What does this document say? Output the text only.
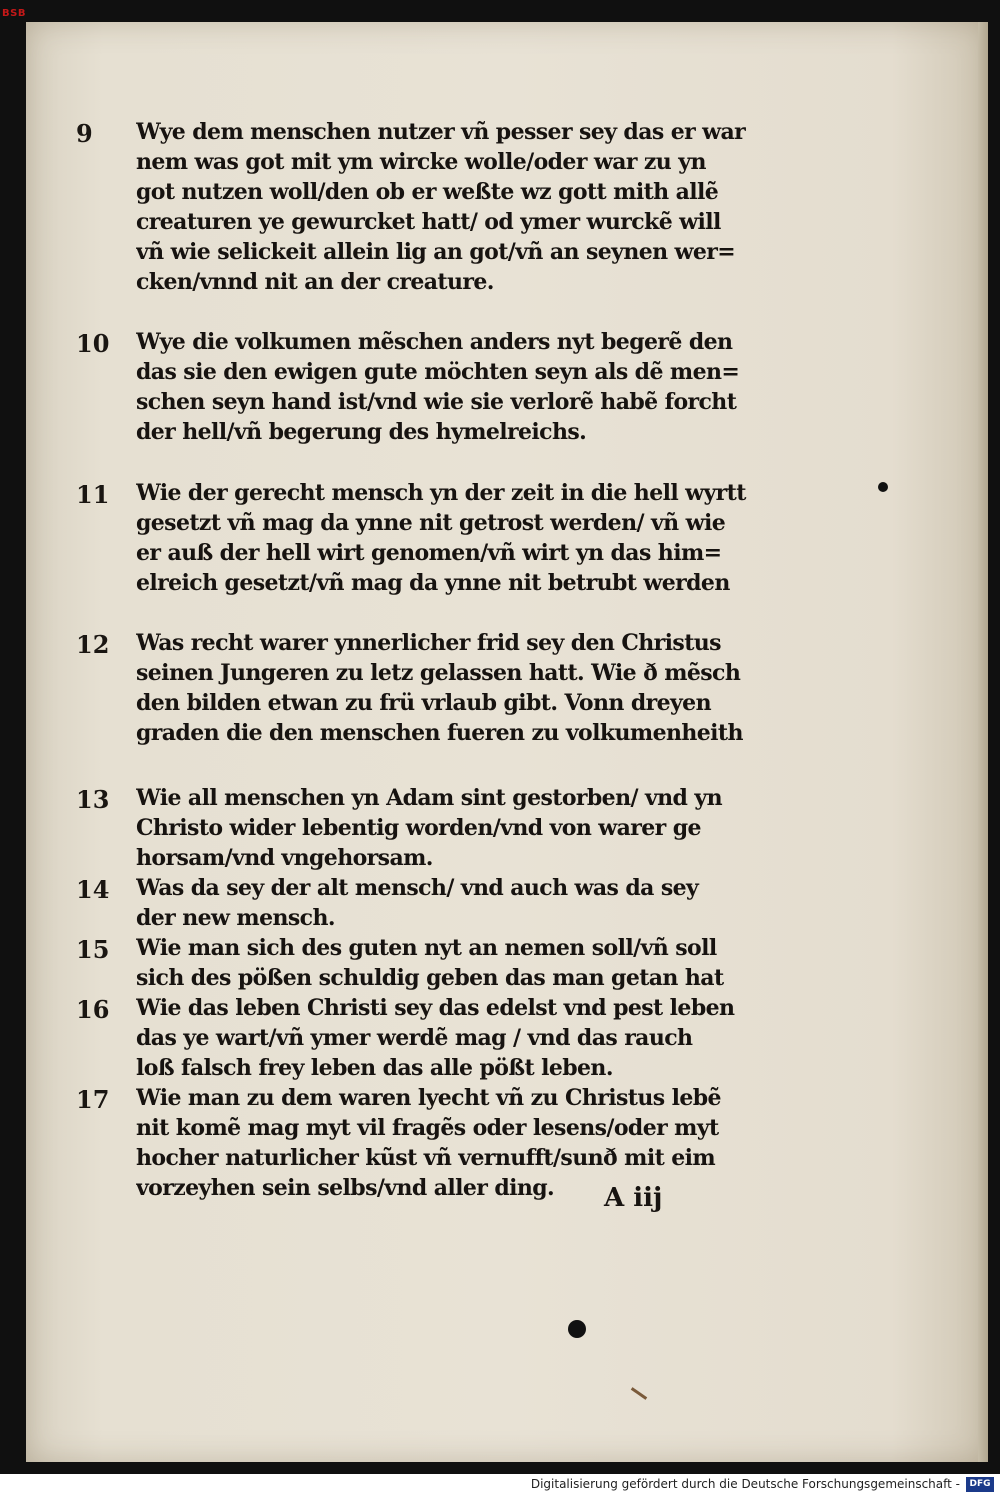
BSB
9	Wye dem menschen nutzer vñ pesser sey das er war
nem was got mit ym wircke wolle/oder war zu yn
got nutzen woll/den ob er weßte wz gott mith allẽ
creaturen ye gewurcket hatt/ od ymer wurckẽ will
vñ wie selickeit allein lig an got/vñ an seynen wer=
cken/vnnd nit an der creature.
10 Wye die volkumen mẽschen anders nyt begerẽ den
das sie den ewigen gute möchten seyn als dẽ men=
schen seyn hand ist/vnd wie sie verlorẽ habẽ forcht
der hell/vñ begerung des hymelreichs.
11 Wie der gerecht mensch yn der zeit in die hell wyrtt
gesetzt vñ mag da ynne nit getrost werden/ vñ wie
er auß der hell wirt genomen/vñ wirt yn das him=
elreich gesetzt/vñ mag da ynne nit betrubt werden
12 Was recht warer ynnerlicher frid sey den Christus
seinen Jungeren zu letz gelassen hatt. Wie ð mẽsch
den bilden etwan zu frü vrlaub gibt. Vonn dreyen
graden die den menschen fueren zu volkumenheith
13 Wie all menschen yn Adam sint gestorben/ vnd yn
Christo wider lebentig worden/vnd von warer ge
horsam/vnd vngehorsam.
14 Was da sey der alt mensch/ vnd auch was da sey
der new mensch.
15 Wie man sich des guten nyt an nemen soll/vñ soll
sich des pößen schuldig geben das man getan hat
16 Wie das leben Christi sey das edelst vnd pest leben
das ye wart/vñ ymer werdẽ mag / vnd das rauch
loß falsch frey leben das alle pößt leben.
17 Wie man zu dem waren lyecht vñ zu Christus lebẽ
nit komẽ mag myt vil fragẽs oder lesens/oder myt
hocher naturlicher kũst vñ vernufft/sunð mit eim
vorzeyhen sein selbs/vnd aller ding.	A iij
Digitalisierung gefördert durch die Deutsche Forschungsgemeinschaft -	DFG
